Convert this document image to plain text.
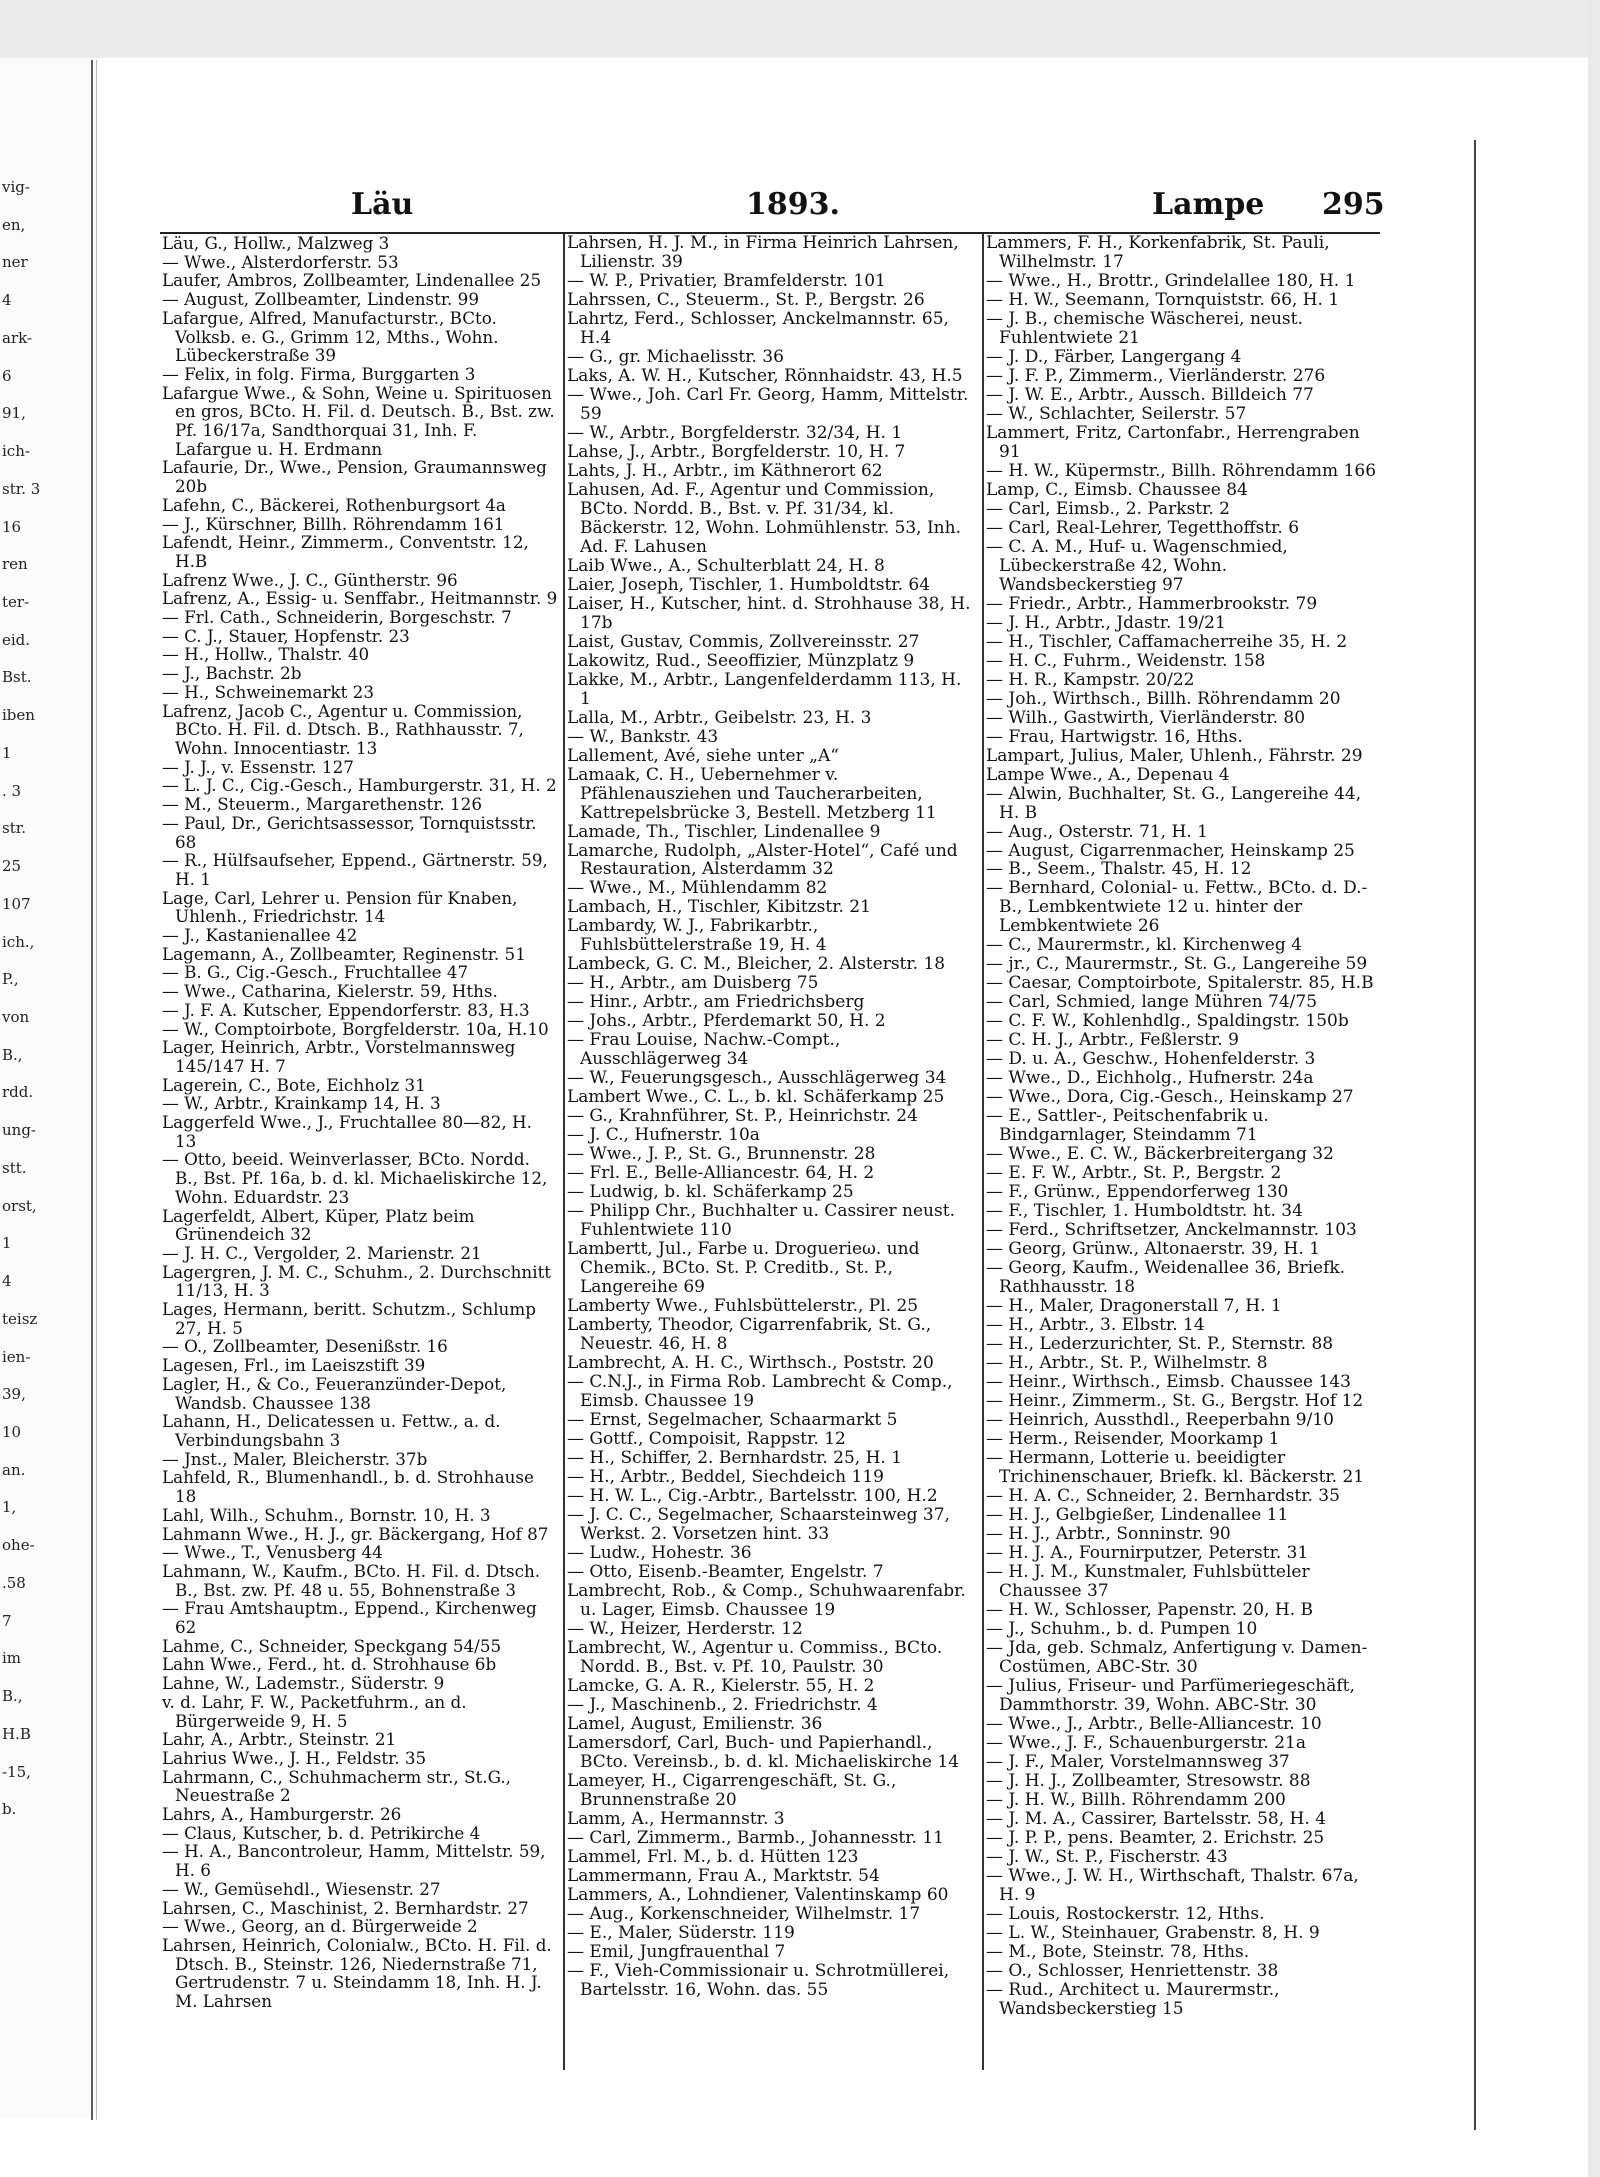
vig-
en,
ner
4
ark-
6
91,
ich-
str. 3
16
ren
ter-
eid.
Bst.
iben
1
. 3
str.
25
107
ich.,
P.,
von
B.,
rdd.
ung-
stt.
orst,
1
4
teisz
ien-
39,
10
an.
1,
ohe-
.58
7
im
B.,
H.B
-15,
b.
Läu	1893.	Lampe 295

Läu, G., Hollw., Malzweg 3

— Wwe., Alsterdorferstr. 53

Laufer, Ambros, Zollbeamter, Lindenallee 25

— August, Zollbeamter, Lindenstr. 99

Lafargue, Alfred, Manufacturstr., BCto. Volksb. e. G., Grimm 12, Mths., Wohn. Lübeckerstraße 39

— Felix, in folg. Firma, Burggarten 3

Lafargue Wwe., & Sohn, Weine u. Spirituosen en gros, BCto. H. Fil. d. Deutsch. B., Bst. zw. Pf. 16/17a, Sandthorquai 31, Inh. F. Lafargue u. H. Erdmann

Lafaurie, Dr., Wwe., Pension, Graumannsweg 20b

Lafehn, C., Bäckerei, Rothenburgsort 4a

— J., Kürschner, Billh. Röhrendamm 161

Lafendt, Heinr., Zimmerm., Conventstr. 12, H.B

Lafrenz Wwe., J. C., Güntherstr. 96

Lafrenz, A., Essig- u. Senffabr., Heitmannstr. 9

— Frl. Cath., Schneiderin, Borgeschstr. 7

— C. J., Stauer, Hopfenstr. 23

— H., Hollw., Thalstr. 40

— J., Bachstr. 2b

— H., Schweinemarkt 23

Lafrenz, Jacob C., Agentur u. Commission, BCto. H. Fil. d. Dtsch. B., Rathhausstr. 7, Wohn. Innocentiastr. 13

— J. J., v. Essenstr. 127

— L. J. C., Cig.-Gesch., Hamburgerstr. 31, H. 2

— M., Steuerm., Margarethenstr. 126

— Paul, Dr., Gerichtsassessor, Tornquistsstr. 68

— R., Hülfsaufseher, Eppend., Gärtnerstr. 59, H. 1

Lage, Carl, Lehrer u. Pension für Knaben, Uhlenh., Friedrichstr. 14

— J., Kastanienallee 42

Lagemann, A., Zollbeamter, Reginenstr. 51

— B. G., Cig.-Gesch., Fruchtallee 47

— Wwe., Catharina, Kielerstr. 59, Hths.

— J. F. A. Kutscher, Eppendorferstr. 83, H.3

— W., Comptoirbote, Borgfelderstr. 10a, H.10

Lager, Heinrich, Arbtr., Vorstelmannsweg 145/147 H. 7

Lagerein, C., Bote, Eichholz 31

— W., Arbtr., Krainkamp 14, H. 3

Laggerfeld Wwe., J., Fruchtallee 80—82, H. 13

— Otto, beeid. Weinverlasser, BCto. Nordd. B., Bst. Pf. 16a, b. d. kl. Michaeliskirche 12, Wohn. Eduardstr. 23

Lagerfeldt, Albert, Küper, Platz beim Grünendeich 32

— J. H. C., Vergolder, 2. Marienstr. 21

Lagergren, J. M. C., Schuhm., 2. Durchschnitt 11/13, H. 3

Lages, Hermann, beritt. Schutzm., Schlump 27, H. 5

— O., Zollbeamter, Desenißstr. 16

Lagesen, Frl., im Laeiszstift 39

Lagler, H., & Co., Feueranzünder-Depot, Wandsb. Chaussee 138

Lahann, H., Delicatessen u. Fettw., a. d. Verbindungsbahn 3

— Jnst., Maler, Bleicherstr. 37b

Lahfeld, R., Blumenhandl., b. d. Strohhause 18

Lahl, Wilh., Schuhm., Bornstr. 10, H. 3

Lahmann Wwe., H. J., gr. Bäckergang, Hof 87

— Wwe., T., Venusberg 44

Lahmann, W., Kaufm., BCto. H. Fil. d. Dtsch. B., Bst. zw. Pf. 48 u. 55, Bohnenstraße 3

— Frau Amtshauptm., Eppend., Kirchenweg 62

Lahme, C., Schneider, Speckgang 54/55

Lahn Wwe., Ferd., ht. d. Strohhause 6b

Lahne, W., Lademstr., Süderstr. 9

v. d. Lahr, F. W., Packetfuhrm., an d. Bürgerweide 9, H. 5

Lahr, A., Arbtr., Steinstr. 21

Lahrius Wwe., J. H., Feldstr. 35

Lahrmann, C., Schuhmacherm str., St.G., Neuestraße 2

Lahrs, A., Hamburgerstr. 26

— Claus, Kutscher, b. d. Petrikirche 4

— H. A., Bancontroleur, Hamm, Mittelstr. 59, H. 6

— W., Gemüsehdl., Wiesenstr. 27

Lahrsen, C., Maschinist, 2. Bernhardstr. 27

— Wwe., Georg, an d. Bürgerweide 2

Lahrsen, Heinrich, Colonialw., BCto. H. Fil. d. Dtsch. B., Steinstr. 126, Niedernstraße 71, Gertrudenstr. 7 u. Steindamm 18, Inh. H. J. M. Lahrsen

Lahrsen, H. J. M., in Firma Heinrich Lahrsen, Lilienstr. 39

— W. P., Privatier, Bramfelderstr. 101

Lahrssen, C., Steuerm., St. P., Bergstr. 26

Lahrtz, Ferd., Schlosser, Anckelmannstr. 65, H.4

— G., gr. Michaelisstr. 36

Laks, A. W. H., Kutscher, Rönnhaidstr. 43, H.5

— Wwe., Joh. Carl Fr. Georg, Hamm, Mittelstr. 59

— W., Arbtr., Borgfelderstr. 32/34, H. 1

Lahse, J., Arbtr., Borgfelderstr. 10, H. 7

Lahts, J. H., Arbtr., im Käthnerort 62

Lahusen, Ad. F., Agentur und Commission, BCto. Nordd. B., Bst. v. Pf. 31/34, kl. Bäckerstr. 12, Wohn. Lohmühlenstr. 53, Inh. Ad. F. Lahusen

Laib Wwe., A., Schulterblatt 24, H. 8

Laier, Joseph, Tischler, 1. Humboldtstr. 64

Laiser, H., Kutscher, hint. d. Strohhause 38, H. 17b

Laist, Gustav, Commis, Zollvereinsstr. 27

Lakowitz, Rud., Seeoffizier, Münzplatz 9

Lakke, M., Arbtr., Langenfelderdamm 113, H. 1

Lalla, M., Arbtr., Geibelstr. 23, H. 3

— W., Bankstr. 43

Lallement, Avé, siehe unter „A“

Lamaak, C. H., Uebernehmer v. Pfählenausziehen und Taucherarbeiten, Kattrepelsbrücke 3, Bestell. Metzberg 11

Lamade, Th., Tischler, Lindenallee 9

Lamarche, Rudolph, „Alster-Hotel“, Café und Restauration, Alsterdamm 32

— Wwe., M., Mühlendamm 82

Lambach, H., Tischler, Kibitzstr. 21

Lambardy, W. J., Fabrikarbtr., Fuhlsbüttelerstraße 19, H. 4

Lambeck, G. C. M., Bleicher, 2. Alsterstr. 18

— H., Arbtr., am Duisberg 75

— Hinr., Arbtr., am Friedrichsberg

— Johs., Arbtr., Pferdemarkt 50, H. 2

— Frau Louise, Nachw.-Compt., Ausschlägerweg 34

— W., Feuerungsgesch., Ausschlägerweg 34

Lambert Wwe., C. L., b. kl. Schäferkamp 25

— G., Krahnführer, St. P., Heinrichstr. 24

— J. C., Hufnerstr. 10a

— Wwe., J. P., St. G., Brunnenstr. 28

— Frl. E., Belle-Alliancestr. 64, H. 2

— Ludwig, b. kl. Schäferkamp 25

— Philipp Chr., Buchhalter u. Cassirer neust. Fuhlentwiete 110

Lambertt, Jul., Farbe u. Droguerieω. und Chemik., BCto. St. P. Creditb., St. P., Langereihe 69

Lamberty Wwe., Fuhlsbüttelerstr., Pl. 25

Lamberty, Theodor, Cigarrenfabrik, St. G., Neuestr. 46, H. 8

Lambrecht, A. H. C., Wirthsch., Poststr. 20

— C.N.J., in Firma Rob. Lambrecht & Comp., Eimsb. Chaussee 19

— Ernst, Segelmacher, Schaarmarkt 5

— Gottf., Compoisit, Rappstr. 12

— H., Schiffer, 2. Bernhardstr. 25, H. 1

— H., Arbtr., Beddel, Siechdeich 119

— H. W. L., Cig.-Arbtr., Bartelsstr. 100, H.2

— J. C. C., Segelmacher, Schaarsteinweg 37, Werkst. 2. Vorsetzen hint. 33

— Ludw., Hohestr. 36

— Otto, Eisenb.-Beamter, Engelstr. 7

Lambrecht, Rob., & Comp., Schuhwaarenfabr. u. Lager, Eimsb. Chaussee 19

— W., Heizer, Herderstr. 12

Lambrecht, W., Agentur u. Commiss., BCto. Nordd. B., Bst. v. Pf. 10, Paulstr. 30

Lamcke, G. A. R., Kielerstr. 55, H. 2

— J., Maschinenb., 2. Friedrichstr. 4

Lamel, August, Emilienstr. 36

Lamersdorf, Carl, Buch- und Papierhandl., BCto. Vereinsb., b. d. kl. Michaeliskirche 14

Lameyer, H., Cigarrengeschäft, St. G., Brunnenstraße 20

Lamm, A., Hermannstr. 3

— Carl, Zimmerm., Barmb., Johannesstr. 11

Lammel, Frl. M., b. d. Hütten 123

Lammermann, Frau A., Marktstr. 54

Lammers, A., Lohndiener, Valentinskamp 60

— Aug., Korkenschneider, Wilhelmstr. 17

— E., Maler, Süderstr. 119

— Emil, Jungfrauenthal 7

— F., Vieh-Commissionair u. Schrotmüllerei, Bartelsstr. 16, Wohn. das. 55

Lammers, F. H., Korkenfabrik, St. Pauli, Wilhelmstr. 17

— Wwe., H., Brottr., Grindelallee 180, H. 1

— H. W., Seemann, Tornquiststr. 66, H. 1

— J. B., chemische Wäscherei, neust. Fuhlentwiete 21

— J. D., Färber, Langergang 4

— J. F. P., Zimmerm., Vierländerstr. 276

— J. W. E., Arbtr., Aussch. Billdeich 77

— W., Schlachter, Seilerstr. 57

Lammert, Fritz, Cartonfabr., Herrengraben 91

— H. W., Küpermstr., Billh. Röhrendamm 166

Lamp, C., Eimsb. Chaussee 84

— Carl, Eimsb., 2. Parkstr. 2

— Carl, Real-Lehrer, Tegetthoffstr. 6

— C. A. M., Huf- u. Wagenschmied, Lübeckerstraße 42, Wohn. Wandsbeckerstieg 97

— Friedr., Arbtr., Hammerbrookstr. 79

— J. H., Arbtr., Jdastr. 19/21

— H., Tischler, Caffamacherreihe 35, H. 2

— H. C., Fuhrm., Weidenstr. 158

— H. R., Kampstr. 20/22

— Joh., Wirthsch., Billh. Röhrendamm 20

— Wilh., Gastwirth, Vierländerstr. 80

— Frau, Hartwigstr. 16, Hths.

Lampart, Julius, Maler, Uhlenh., Fährstr. 29

Lampe Wwe., A., Depenau 4

— Alwin, Buchhalter, St. G., Langereihe 44, H. B

— Aug., Osterstr. 71, H. 1

— August, Cigarrenmacher, Heinskamp 25

— B., Seem., Thalstr. 45, H. 12

— Bernhard, Colonial- u. Fettw., BCto. d. D.-B., Lembkentwiete 12 u. hinter der Lembkentwiete 26

— C., Maurermstr., kl. Kirchenweg 4

— jr., C., Maurermstr., St. G., Langereihe 59

— Caesar, Comptoirbote, Spitalerstr. 85, H.B

— Carl, Schmied, lange Mühren 74/75

— C. F. W., Kohlenhdlg., Spaldingstr. 150b

— C. H. J., Arbtr., Feßlerstr. 9

— D. u. A., Geschw., Hohenfelderstr. 3

— Wwe., D., Eichholg., Hufnerstr. 24a

— Wwe., Dora, Cig.-Gesch., Heinskamp 27

— E., Sattler-, Peitschenfabrik u. Bindgarnlager, Steindamm 71

— Wwe., E. C. W., Bäckerbreitergang 32

— E. F. W., Arbtr., St. P., Bergstr. 2

— F., Grünw., Eppendorferweg 130

— F., Tischler, 1. Humboldtstr. ht. 34

— Ferd., Schriftsetzer, Anckelmannstr. 103

— Georg, Grünw., Altonaerstr. 39, H. 1

— Georg, Kaufm., Weidenallee 36, Briefk. Rathhausstr. 18

— H., Maler, Dragonerstall 7, H. 1

— H., Arbtr., 3. Elbstr. 14

— H., Lederzurichter, St. P., Sternstr. 88

— H., Arbtr., St. P., Wilhelmstr. 8

— Heinr., Wirthsch., Eimsb. Chaussee 143

— Heinr., Zimmerm., St. G., Bergstr. Hof 12

— Heinrich, Aussthdl., Reeperbahn 9/10

— Herm., Reisender, Moorkamp 1

— Hermann, Lotterie u. beeidigter Trichinenschauer, Briefk. kl. Bäckerstr. 21

— H. A. C., Schneider, 2. Bernhardstr. 35

— H. J., Gelbgießer, Lindenallee 11

— H. J., Arbtr., Sonninstr. 90

— H. J. A., Fournirputzer, Peterstr. 31

— H. J. M., Kunstmaler, Fuhlsbütteler Chaussee 37

— H. W., Schlosser, Papenstr. 20, H. B

— J., Schuhm., b. d. Pumpen 10

— Jda, geb. Schmalz, Anfertigung v. Damen-Costümen, ABC-Str. 30

— Julius, Friseur- und Parfümeriegeschäft, Dammthorstr. 39, Wohn. ABC-Str. 30

— Wwe., J., Arbtr., Belle-Alliancestr. 10

— Wwe., J. F., Schauenburgerstr. 21a

— J. F., Maler, Vorstelmannsweg 37

— J. H. J., Zollbeamter, Stresowstr. 88

— J. H. W., Billh. Röhrendamm 200

— J. M. A., Cassirer, Bartelsstr. 58, H. 4

— J. P. P., pens. Beamter, 2. Erichstr. 25

— J. W., St. P., Fischerstr. 43

— Wwe., J. W. H., Wirthschaft, Thalstr. 67a, H. 9

— Louis, Rostockerstr. 12, Hths.

— L. W., Steinhauer, Grabenstr. 8, H. 9

— M., Bote, Steinstr. 78, Hths.

— O., Schlosser, Henriettenstr. 38

— Rud., Architect u. Maurermstr., Wandsbeckerstieg 15
